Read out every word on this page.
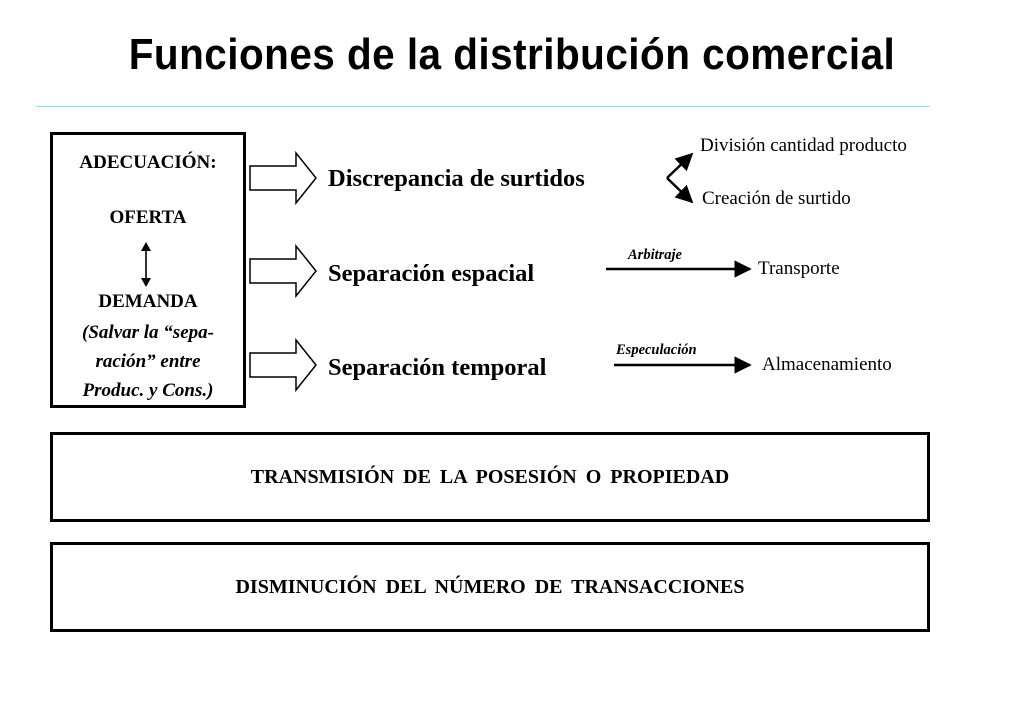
Funciones de la distribución comercial
ADECUACIÓN:
OFERTA
DEMANDA
(Salvar la “sepa-
ración” entre
Produc. y Cons.)
Discrepancia de surtidos
Separación espacial
Separación temporal
División cantidad producto
Creación de surtido
Arbitraje
Transporte
Especulación
Almacenamiento
TRANSMISIÓN DE LA POSESIÓN O PROPIEDAD
DISMINUCIÓN DEL NÚMERO DE TRANSACCIONES
